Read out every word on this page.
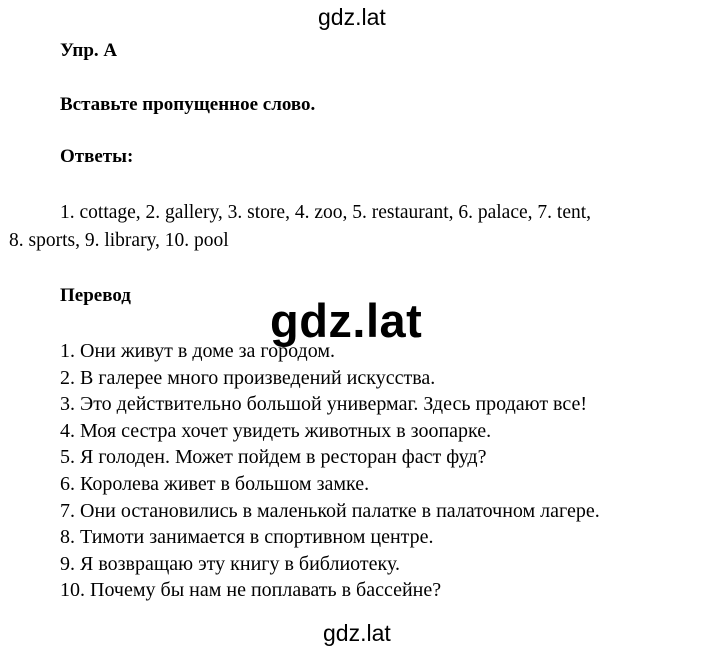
gdz.lat
Упр. А
Вставьте пропущенное слово.
Ответы:
1. cottage, 2. gallery, 3. store, 4. zoo, 5. restaurant, 6. palace, 7. tent,
8. sports, 9. library, 10. pool
Перевод
1. Они живут в доме за городом.
2. В галерее много произведений искусства.
3. Это действительно большой универмаг. Здесь продают все!
4. Моя сестра хочет увидеть животных в зоопарке.
5. Я голоден. Может пойдем в ресторан фаст фуд?
6. Королева живет в большом замке.
7. Они остановились в маленькой палатке в палаточном лагере.
8. Тимоти занимается в спортивном центре.
9. Я возвращаю эту книгу в библиотеку.
10. Почему бы нам не поплавать в бассейне?
gdz.lat
gdz.lat
